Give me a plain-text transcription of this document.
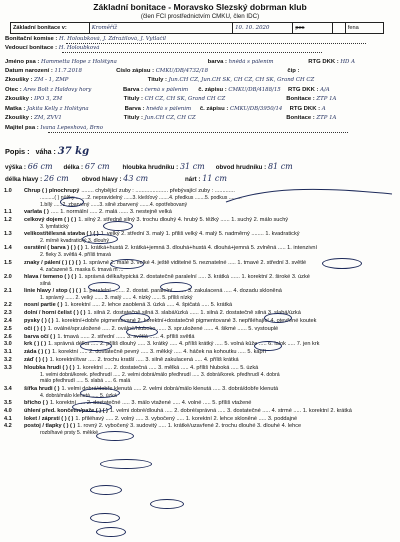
Základní bonitace - Moravsko Slezský dobrman klub
(člen FCI prostřednictvím CMKU, člen IDC)
Základní bonitace v:	Kroměříž	10. 10. 2020	pes	fena
Bonitační komise : H. Holoubková, J. Zdražilová, J. Vytlačil
Vedoucí bonitace : H. Holoubková
Jméno psa : Hammetta Hope z Holštýna	barva : hnědá s pálením	RTG DKK : HD A
Datum narození : 11.7.2018	Číslo zápisu : CMKU/DB/4732/18	čip :
Zkoušky : ZM - 1, ZMP	Tituly : Jun.CH CZ, Jun.CH SK, CH CZ, CH SK, Grand CH CZ
Otec : Ares Bolt z Haldovy hory	Barva : černá s pálením č. zápisu : CMKU/DB/4188/15 RTG DKK : A/A
Zkoušky : IPO 3, ZM	Tituly : CH CZ, CH SK, Grand CH CZ	Bonitace : ZTP 1A
Matka : Jakita Kelly z Holštýna	Barva : hnědá s pálením č. zápisu : CMKU/DB/3950/14 RTG DKK : A
Zkoušky : ZM, ZVV1	Tituly : Jun.CH CZ, CH CZ	Bonitace : ZTP 1A
Majitel psa : Ivana Lepeshová, Brno
Popis : váha : 37 kg
výška : 66 cm délka : 67 cm hloubka hrudníku : 31 cm obvod hrudníku : 81 cm
délka hlavy : 26 cm obvod hlavy : 43 cm	nárt : 11 cm
1.0 Chrup ( ) plnochrupý ........ chybějící zuby : ..................... přebývající zuby : .............
..........( ) nůžky ........2. nepravidelný ......3. klešťový .......4. předkus .......5. podkus .........
1.bílý ......2. zbarvený ......3. silně zbarvený .......4. opotřebovaný
1.1 varlata ( ) ..... 1. normální ..... 2. malá ...... 3. nestejně velká
1.2 celkový dojem ( ) ( ) 1. silný 2. středně silný 3. trochu dlouhý 4. hrubý 5. těžký ...... 1. suchý 2. málo suchý
3. lymfatický
1.3 velikost/tělesná stavba ( ) ( ) 1. velký 2. střední 3. malý 1. přiliš velký 4. malý 5. nadměrný ........ 1. kvadratický
2. mírně kvadratický 3. dlouhý
1.4 osrstění ( barva ) ( ) ( ) 1. krátká+hustá 2. krátká+jemná 3. dlouhá+hustá 4. dlouhá+jemná 5. zvlněná ..... 1. intenzivní
2. fleky 3. světlá 4. příliš tmavá
1.5 znaky / pálení ( ) ( ) ( ) 1. správné 2. malé 3. velké 4. ještě viditelné 5. neznatelné ..... 1. tmavé 2. střední 3. světlé
4. začazené 5. maska 6. tmavá m ...
2.0 hlava / temeno ( ) ( ) 1. správná délka/typická 2. dostatečně paralelní ..... 3. krátká ...... 1. korektní 2. široké 3. úzké
silná
2.1 linie hlavy / stop ( ) ( ) 1. paralelní ........ 2. dostat. paralelní ........ 3. zakulacená ..... 4. dozadu skloněná
1. správný ...... 2. velký ...... 3. malý ...... 4. nízký ...... 5. příliš nízký
2.2 nosní partie ( ) 1. korektní ..... 2. lehce zaoblená 3. úzká ..... 4. špičatá ..... 5. krátká
2.3 dolní / horní čelist ( ) ( ) 1. silná 2. dostatečně silná 3. slabá/úzká ...... 1. silná 2. dostatečně silná 3. slabá/úzká
2.4 pysky ( ) ( ) 1. korektní+dobře pigmentované 2. korektní+dostatečně pigmentované 3. nepřiléhající 4. otevřené koutek
2.5 oči ( ) ( ) 1. oválné/spr.uložené ..... 2. oválné/hluboko ...... 3. spr.uložené ...... 4. šikmé ...... 5. vystouplé
2.6 barva očí ( ) 1. tmavá ...... 2. střední ...... 3. světlá ...... 4. příliš světlá
3.0 krk ( ) ( ) 1. správná délka ..... 2. příliš dlouhý ..... 3. krátký ..... 4. příliš krátký ..... 5. volná kůže ..... 6. lalok ..... 7. jen krk
3.1 záda ( ) ( ) 1. korektní ..... 2. dostatečně pevný ..... 3. měkký ..... 4. háček na kohoutku ..... 5. kapří
3.2 záď ( ) ( ) 1. korektní/tvar ..... 2. trochu kratší ..... 3. silně zakulacená ..... 4. příliš krátká
3.3 hloubka hrudi ( ) ( ) 1. korektní ..... 2. dostatečná ..... 3. mělká ..... 4. příliš hluboká ..... 5. úzká
1. velmi dobrá/korek. předhrudí ..... 2. velmi dobrá/málo předhrudí ..... 3. dobrá/korek. předhrudí 4. dobrá
málo předhrudí ..... 5. slabá ..... 6. malá
3.4 šířka hrudi ( ) 1. velmi dobrá/dobře klenutá ..... 2. velmi dobrá/málo klenutá ..... 3. dobrá/dobře klenutá
4. dobrá/málo klenutá ..... 5. úzká
3.5 břicho ( ) 1. korektní ..... 2. dostatečné ..... 3. málo vtažené ..... 4. volné ..... 5. příliš vtažené
4.0 úhlení před. končetin/paže ( ) ( ) 1. velmi dobré/dlouhá ..... 2. dobré/správná ..... 3. dostatečné ..... 4. strmé ..... 1. korektní 2. krátká
4.1 loket / záprstí ( ) ( ) 1. přiléhavý ..... 2. volný ..... 3. vybočený ..... 1. korektní 2. lehce skloněné ..... 3. poddajné
4.2 postoj / tlapky ( ) ( ) 1. rovný 2. vybočený 3. sudovitý ..... 1. krátké/uzavřené 2. trochu dlouhé 3. dlouhé 4. lehce
rozbíhavé prsty 5. měkké
